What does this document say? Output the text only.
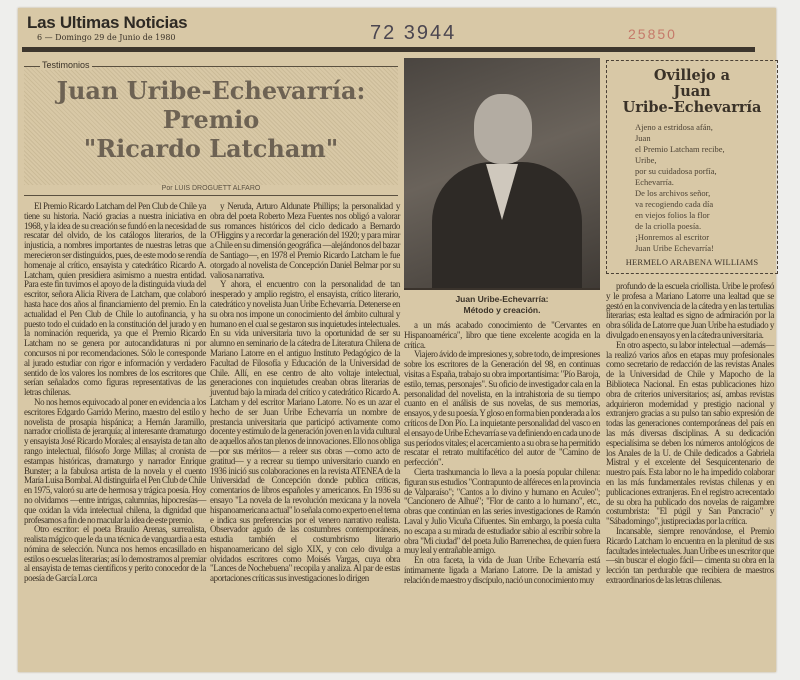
Las Ultimas Noticias
6 — Domingo 29 de Junio de 1980	72 3944	25850
Testimonios
Juan Uribe-Echevarría:
Premio
"Ricardo Latcham"
Por LUIS DROGUETT ALFARO
Juan Uribe-Echevarría:
Método y creación.
Ovillejo a
Juan
Uribe-Echevarría
Ajeno a estridosa afán,
Juan
el Premio Latcham recibe,
Uribe,
por su cuidadosa porfía,
Echevarría.
De los archivos señor,
va recogiendo cada día
en viejos folios la flor
de la criolla poesía.
¡Honremos al escritor
Juan Uribe Echevarría!
HERMELO ARABENA WILLIAMS

El Premio Ricardo Latcham del Pen Club de Chile ya tiene su historia. Nació gracias a nuestra iniciativa en 1968, y la idea de su creación se fundó en la necesidad de rescatar del olvido, de los catálogos literarios, de la injusticia, a nombres importantes de nuestras letras que merecieron ser distinguidos, pues, de este modo se rendía homenaje al crítico, ensayista y catedrático Ricardo A. Latcham, quien presidiera asimismo a nuestra entidad. Para este fin tuvimos el apoyo de la distinguida viuda del escritor, señora Alicia Rivera de Latcham, que colaboró hasta hace dos años al financiamiento del premio. En la actualidad el Pen Club de Chile lo autofinancia, y ha puesto todo el cuidado en la constitución del jurado y en la nominación requerida, ya que el Premio Ricardo Latcham no se genera por autocandidaturas ni por concursos ni por recomendaciones. Sólo le corresponde al jurado estudiar con rigor e información y verdadero sentido de los valores los nombres de los escritores que serían señalados como figuras representativas de las letras chilenas.

No nos hemos equivocado al poner en evidencia a los escritores Edgardo Garrido Merino, maestro del estilo y novelista de prosapia hispánica; a Hernán Jaramillo, narrador criollista de jerarquía; al interesante dramaturgo y ensayista José Ricardo Morales; al ensayista de tan alto rango intelectual, filósofo Jorge Millas; al cronista de estampas históricas, dramaturgo y narrador Enrique Bunster; a la fabulosa artista de la novela y el cuento María Luisa Bombal. Al distinguirla el Pen Club de Chile en 1975, valoró su arte de hermosa y trágica poesía. Hoy no olvidamos —entre intrigas, calumnias, hipocresías— que oxidan la vida intelectual chilena, la dignidad que profesamos a fin de no macular la idea de este premio.

Otro escritor: el poeta Braulio Arenas, surrealista, realista mágico que le da una técnica de vanguardia a esta nómina de selección. Nunca nos hemos encasillado en estilos o escuelas literarias; así lo demostramos al premiar al ensayista de temas científicos y perito conocedor de la poesía de García Lorca

y Neruda, Arturo Aldunate Phillips; la personalidad y obra del poeta Roberto Meza Fuentes nos obligó a valorar sus romances históricos del ciclo dedicado a Bernardo O'Higgins y a recordar la generación del 1920; y para mirar a Chile en su dimensión geográfica —alejándonos del bazar de Santiago—, en 1978 el Premio Ricardo Latcham le fue otorgado al novelista de Concepción Daniel Belmar por su valiosa narrativa.

Y ahora, el encuentro con la personalidad de tan inesperado y amplio registro, el ensayista, crítico literario, catedrático y novelista Juan Uribe Echevarría. Detenerse en su obra nos impone un conocimiento del ámbito cultural y humano en el cual se gestaron sus inquietudes intelectuales. En su vida universitaria tuvo la oportunidad de ser su alumno en seminario de la cátedra de Literatura Chilena de Mariano Latorre en el antiguo Instituto Pedagógico de la Facultad de Filosofía y Educación de la Universidad de Chile. Allí, en ese centro de alto voltaje intelectual, generaciones con inquietudes creaban obras literarias de juventud bajo la mirada del crítico y catedrático Ricardo A. Latcham y del escritor Mariano Latorre. No es un azar el hecho de ser Juan Uribe Echevarría un nombre de prestancia universitaria que participó activamente como docente y estímulo de la generación joven en la vida cultural de aquellos años tan plenos de innovaciones. Ello nos obliga —por sus méritos— a releer sus obras —como acto de gratitud— y a recrear su tiempo universitario cuando en 1936 inició sus colaboraciones en la revista ATENEA de la Universidad de Concepción donde publica críticas, comentarios de libros españoles y americanos. En 1936 su ensayo "La novela de la revolución mexicana y la novela hispanoamericana actual" lo señala como experto en el tema e indica sus preferencias por el venero narrativo realista. Observador agudo de las costumbres contemporáneas, estudia también el costumbrismo literario hispanoamericano del siglo XIX, y con celo divulga a olvidados escritores como Moisés Vargas, cuya obra "Lances de Nochebuena" recopila y analiza. Al par de estas aportaciones críticas sus investigaciones lo dirigen

a un más acabado conocimiento de "Cervantes en Hispanoamérica", libro que tiene excelente acogida en la crítica.

Viajero ávido de impresiones y, sobre todo, de impresiones sobre los escritores de la Generación del 98, en continuas visitas a España, trabajo su obra importantísima: "Pío Baroja, estilo, temas, personajes". Su oficio de investigador cala en la personalidad del novelista, en la intrahistoria de su tiempo cuanto en el análisis de sus novelas, de sus memorias, ensayos, y de su poesía. Y gloso en forma bien ponderada a los críticos de Don Pío. La inquietante personalidad del vasco en el ensayo de Uribe Echevarría se va definiendo en cada uno de sus períodos vitales; el acercamiento a su obra se ha permitido rescatar el retrato multifacético del autor de "Camino de perfección".

Cierta trashumancia lo lleva a la poesía popular chilena: figuran sus estudios "Contrapunto de alféreces en la provincia de Valparaíso"; "Cantos a lo divino y humano en Aculeo"; "Cancionero de Alhué"; "Flor de canto a lo humano", etc., obras que continúan en las series investigaciones de Ramón Laval y Julio Vicuña Cifuentes. Sin embargo, la poesía culta no escapa a su mirada de estudiador sabio al escribir sobre la obra "Mi ciudad" del poeta Julio Barrenechea, de quien fuera muy leal y entrañable amigo.

En otra faceta, la vida de Juan Uribe Echevarría está íntimamente ligada a Mariano Latorre. De la amistad y relación de maestro y discípulo, nació un conocimiento muy

profundo de la escuela criollista. Uribe le profesó y le profesa a Mariano Latorre una lealtad que se gestó en la convivencia de la cátedra y en las tertulias literarias; esta lealtad es signo de admiración por la obra sólida de Latorre que Juan Uribe ha estudiado y divulgado en ensayos y en la cátedra universitaria.

En otro aspecto, su labor intelectual —además— la realizó varios años en etapas muy profesionales como secretario de redacción de las revistas Anales de la Universidad de Chile y Mapocho de la Biblioteca Nacional. En estas publicaciones hizo obra de criterios universitarios; así, ambas revistas adquirieron modernidad y prestigio nacional y extranjero gracias a su pulso tan sabio expresión de todas las generaciones contemporáneas del país en las más diversas disciplinas. A su dedicación especialísima se deben los números antológicos de los Anales de la U. de Chile dedicados a Gabriela Mistral y el excelente del Sesquicentenario de nuestro país. Esta labor no le ha impedido colaborar en las más fundamentales revistas chilenas y en publicaciones extranjeras. En el registro acrecentado de su obra ha publicado dos novelas de raigambre costumbrista: "El púgil y San Pancracio" y "Sábadomingo", justipreciadas por la crítica.

Incansable, siempre renovándose, el Premio Ricardo Latcham lo encuentra en la plenitud de sus facultades intelectuales. Juan Uribe es un escritor que —sin buscar el elogio fácil— cimenta su obra en la lección tan perdurable que recibiera de maestros extraordinarios de las letras chilenas.
